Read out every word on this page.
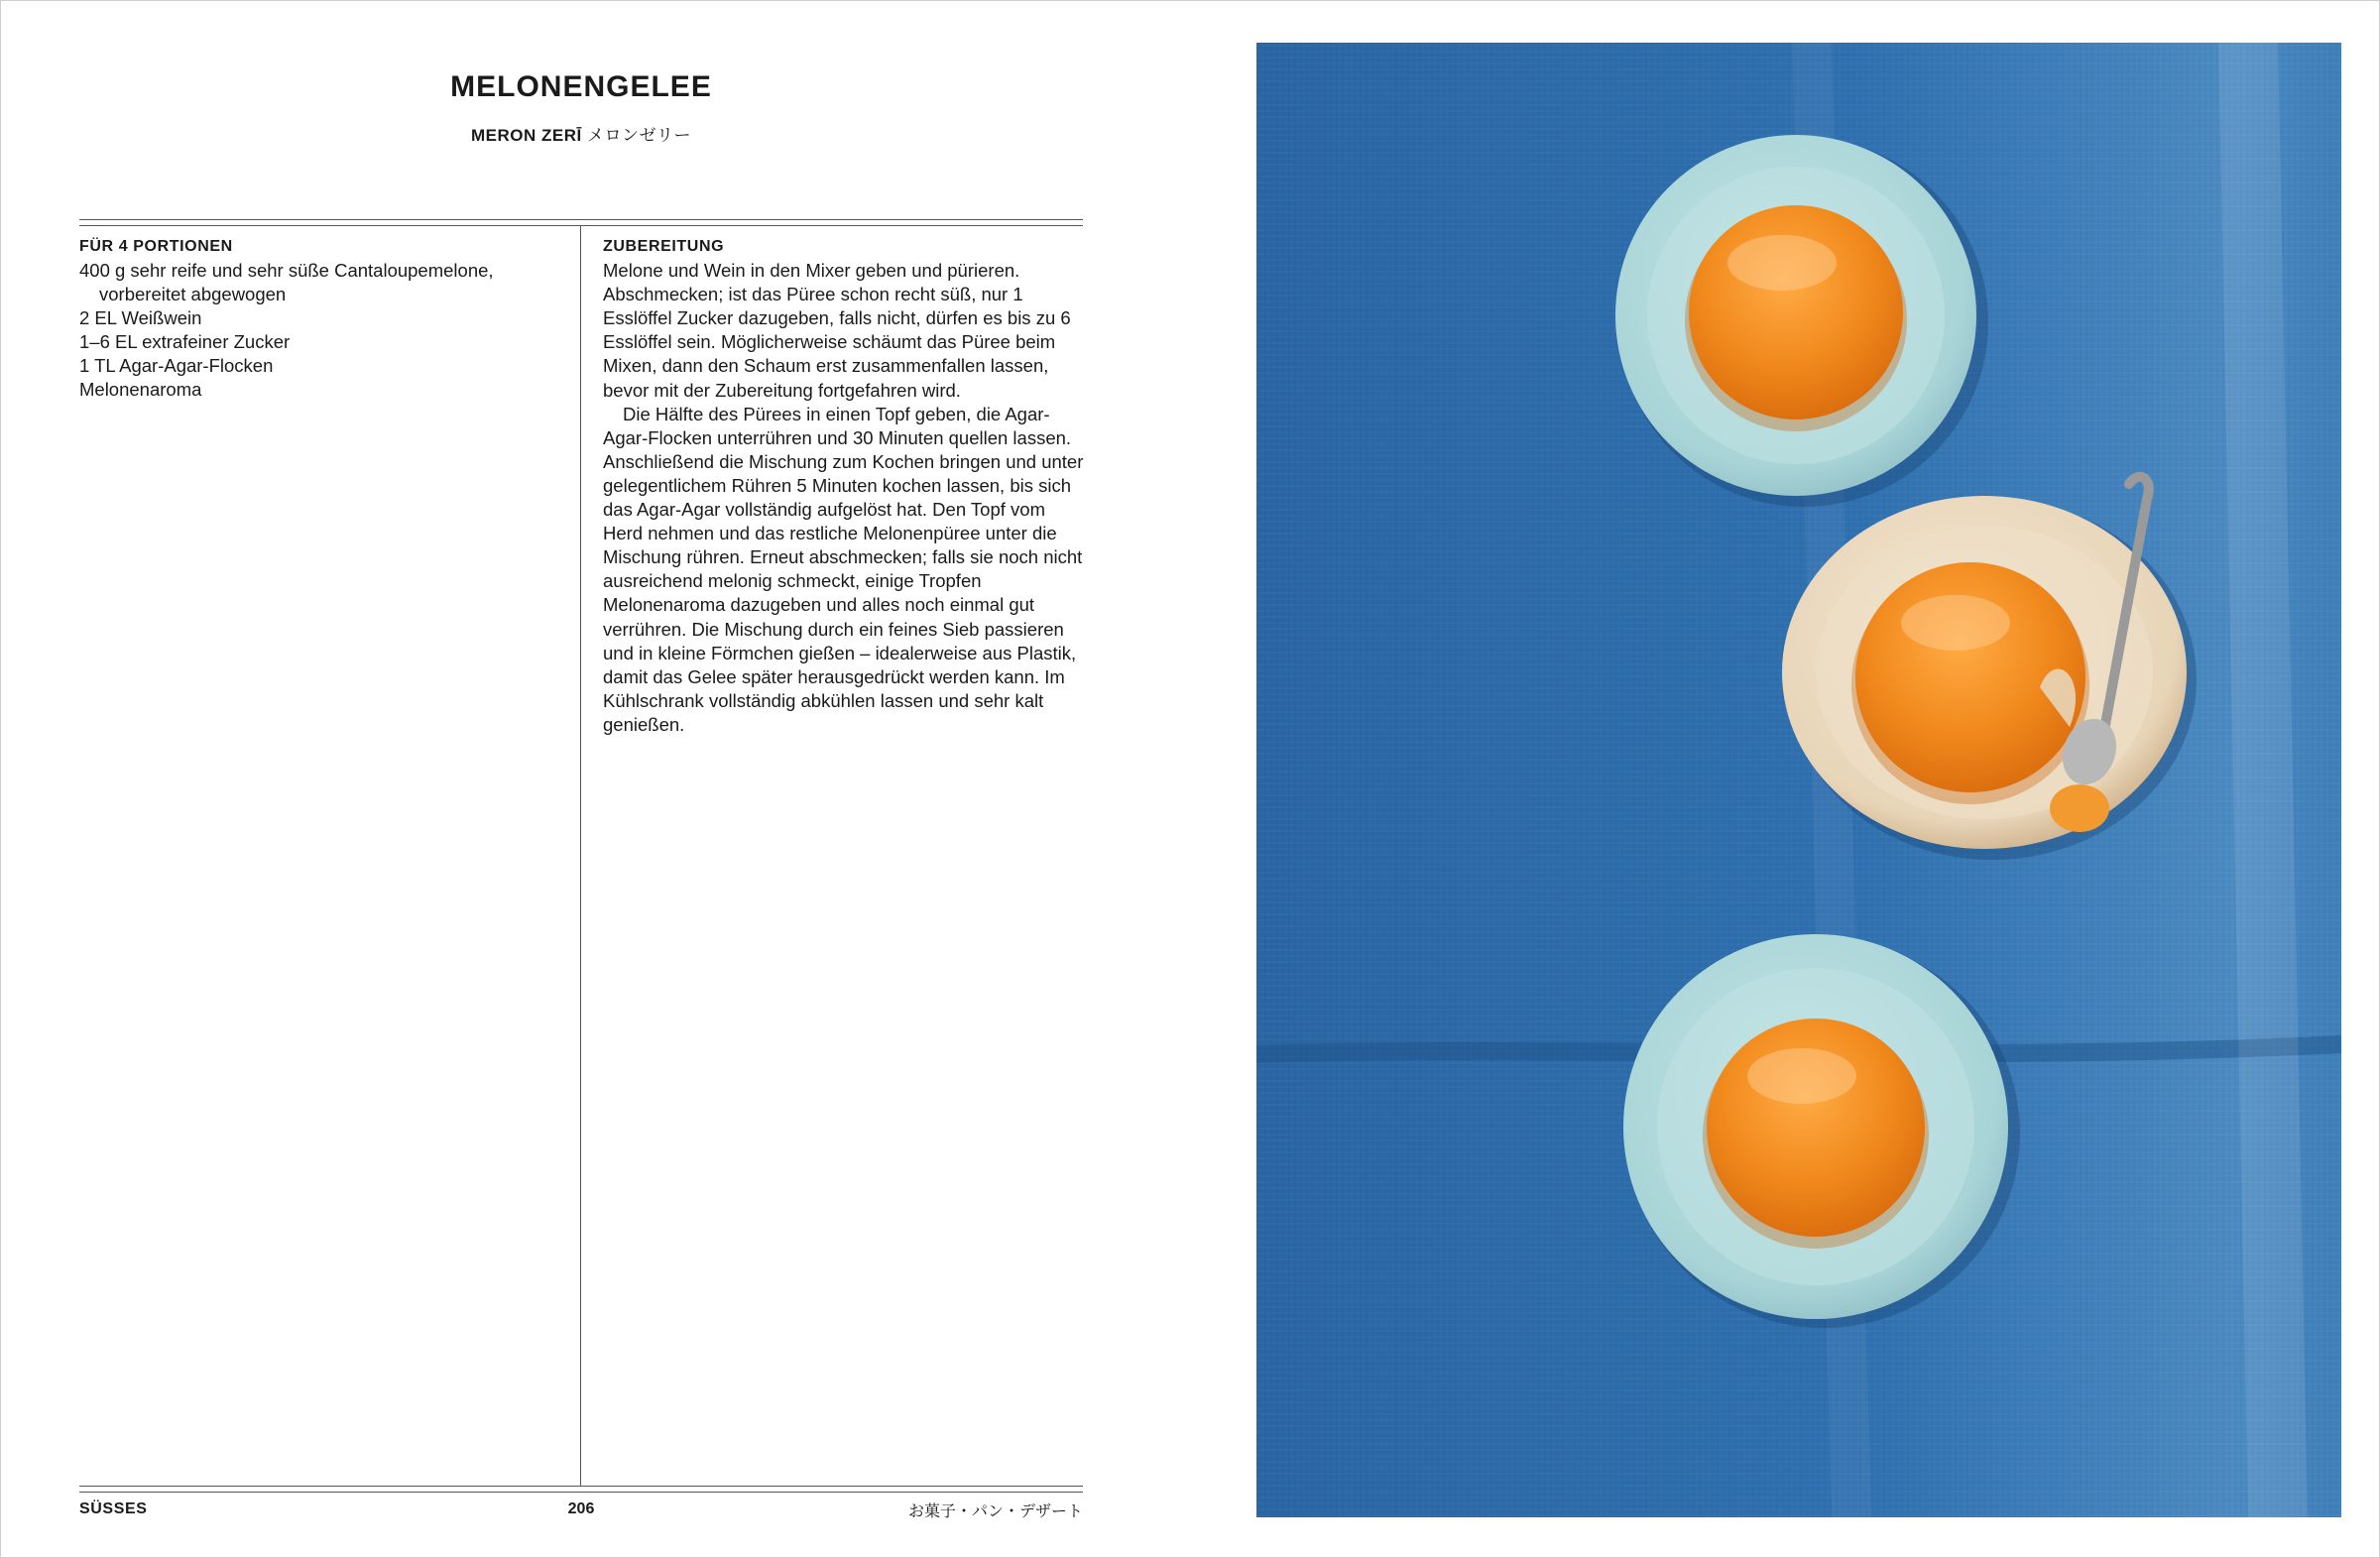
MELONENGELEE
MERON ZERĪ メロンゼリー
FÜR 4 PORTIONEN
400 g sehr reife und sehr süße Cantaloupemelone,
vorbereitet abgewogen
2 EL Weißwein
1–6 EL extrafeiner Zucker
1 TL Agar-Agar-Flocken
Melonenaroma
ZUBEREITUNG

Melone und Wein in den Mixer geben und pürieren. Abschmecken; ist das Püree schon recht süß, nur 1 Esslöffel Zucker dazugeben, falls nicht, dürfen es bis zu 6 Esslöffel sein. Möglicherweise schäumt das Püree beim Mixen, dann den Schaum erst zusammenfallen lassen, bevor mit der Zubereitung fortgefahren wird.

Die Hälfte des Pürees in einen Topf geben, die Agar-Agar-Flocken unterrühren und 30 Minuten quellen lassen. Anschließend die Mischung zum Kochen bringen und unter gelegentlichem Rühren 5 Minuten kochen lassen, bis sich das Agar-Agar vollständig aufgelöst hat. Den Topf vom Herd nehmen und das restliche Melonenpüree unter die Mischung rühren. Erneut abschmecken; falls sie noch nicht ausreichend melonig schmeckt, einige Tropfen Melonenaroma dazugeben und alles noch einmal gut verrühren. Die Mischung durch ein feines Sieb passieren und in kleine Förmchen gießen – idealerweise aus Plastik, damit das Gelee später herausgedrückt werden kann. Im Kühlschrank vollständig abkühlen lassen und sehr kalt genießen.

SÜSSES	206	お菓子・パン・デザート
